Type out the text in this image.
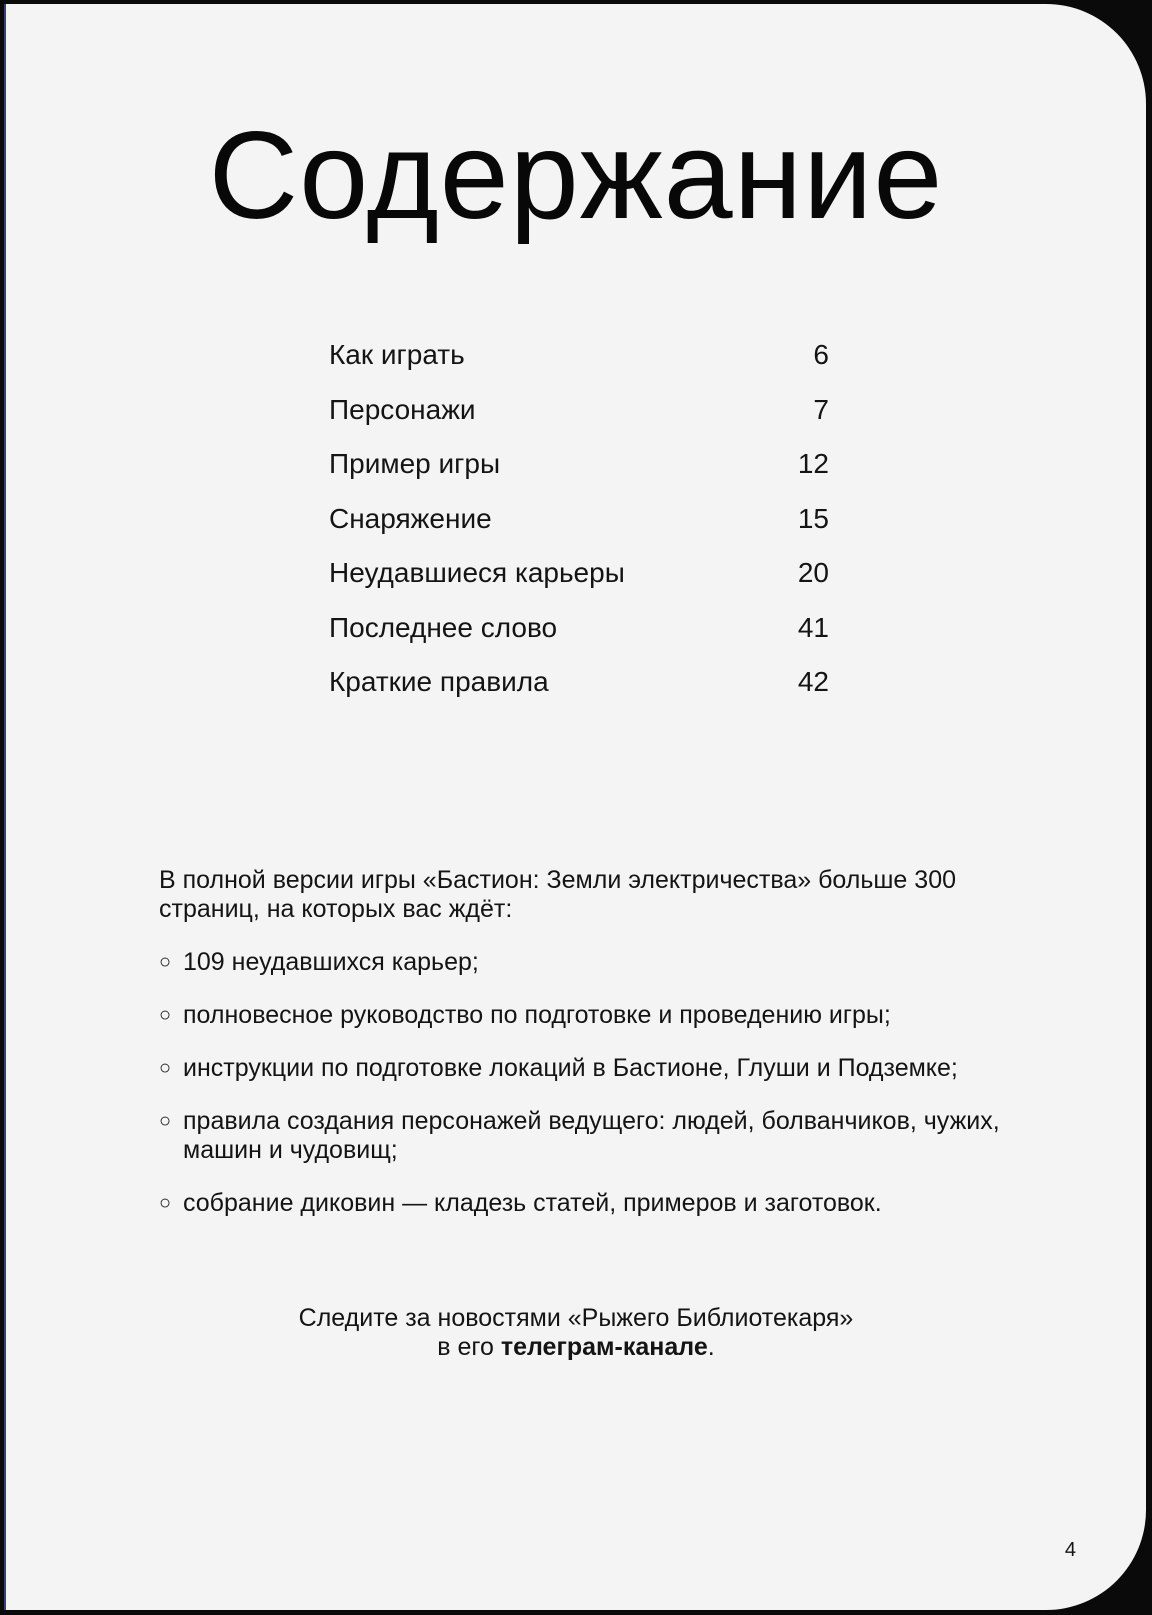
Содержание
Как играть	6
Персонажи	7
Пример игры	12
Снаряжение	15
Неудавшиеся карьеры	20
Последнее слово	41
Краткие правила	42

В полной версии игры «Бастион: Земли электричества» больше 300 страниц, на которых вас ждёт:

○ 109 неудавшихся карьер;
○ полновесное руководство по подготовке и проведению игры;
○ инструкции по подготовке локаций в Бастионе, Глуши и Подземке;
○ правила создания персонажей ведущего: людей, болванчиков, чужих, машин и чудовищ;
○ собрание диковин — кладезь статей, примеров и заготовок.
Следите за новостями «Рыжего Библиотекаря»
в его телеграм-канале.
4
